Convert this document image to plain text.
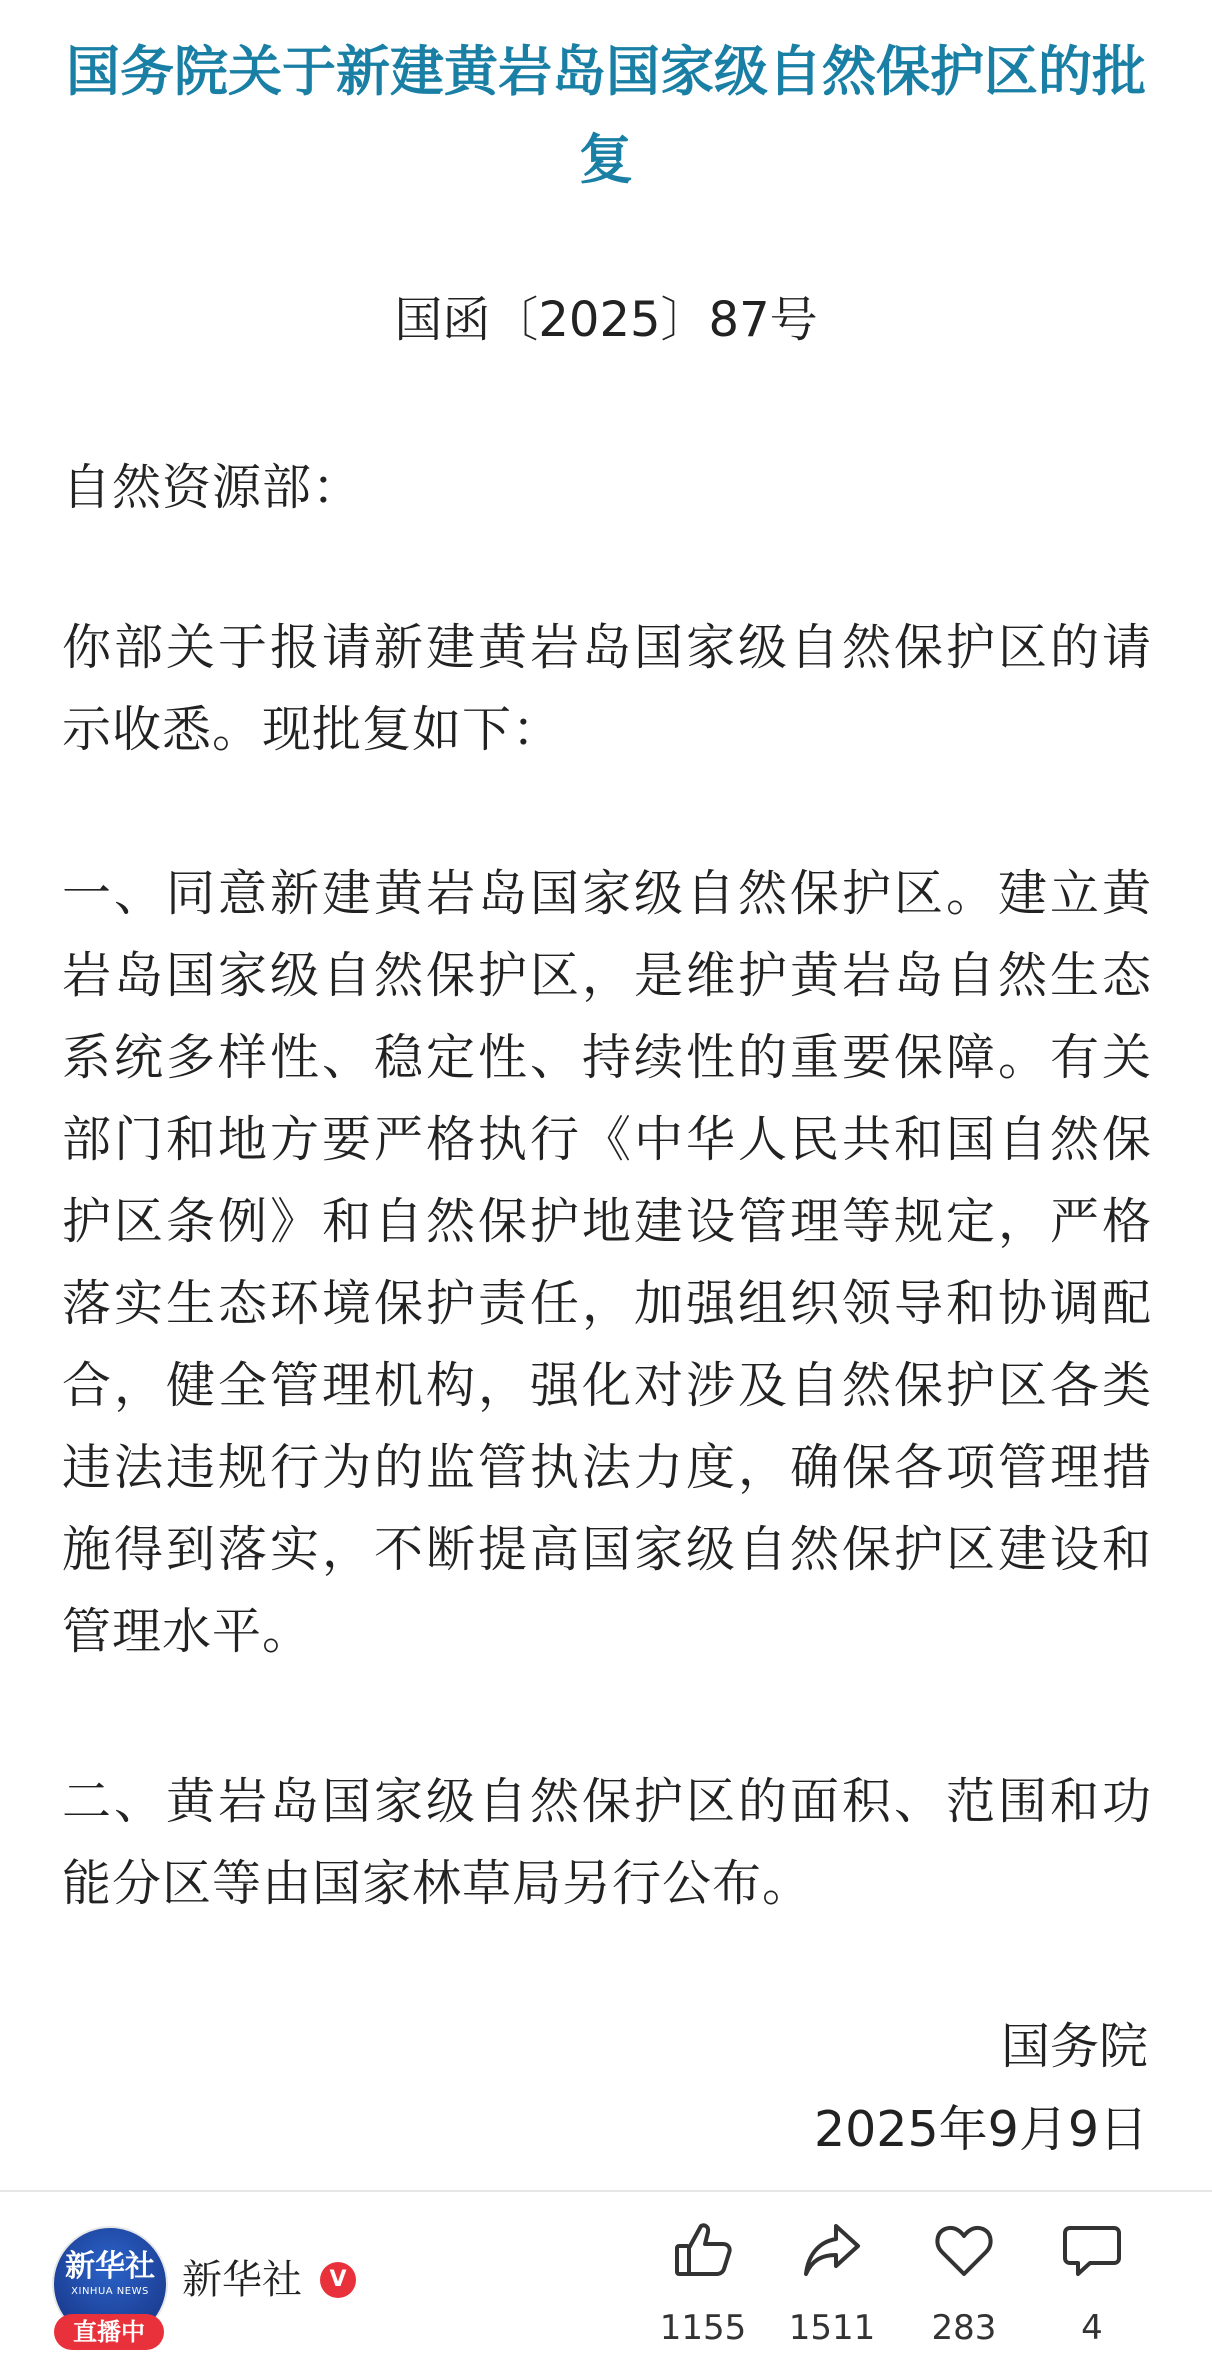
国务院关于新建黄岩岛国家级自然保护区的批复
国函〔2025〕87号

自然资源部：

你部关于报请新建黄岩岛国家级自然保护区的请示收悉。现批复如下：

一、同意新建黄岩岛国家级自然保护区。建立黄岩岛国家级自然保护区，是维护黄岩岛自然生态系统多样性、稳定性、持续性的重要保障。有关部门和地方要严格执行《中华人民共和国自然保护区条例》和自然保护地建设管理等规定，严格落实生态环境保护责任，加强组织领导和协调配合，健全管理机构，强化对涉及自然保护区各类违法违规行为的监管执法力度，确保各项管理措施得到落实，不断提高国家级自然保护区建设和管理水平。

二、黄岩岛国家级自然保护区的面积、范围和功能分区等由国家林草局另行公布。

国务院
2025年9月9日
新华社
XINHUA NEWS
直播中
新华社	V
1155	1511	283	4
